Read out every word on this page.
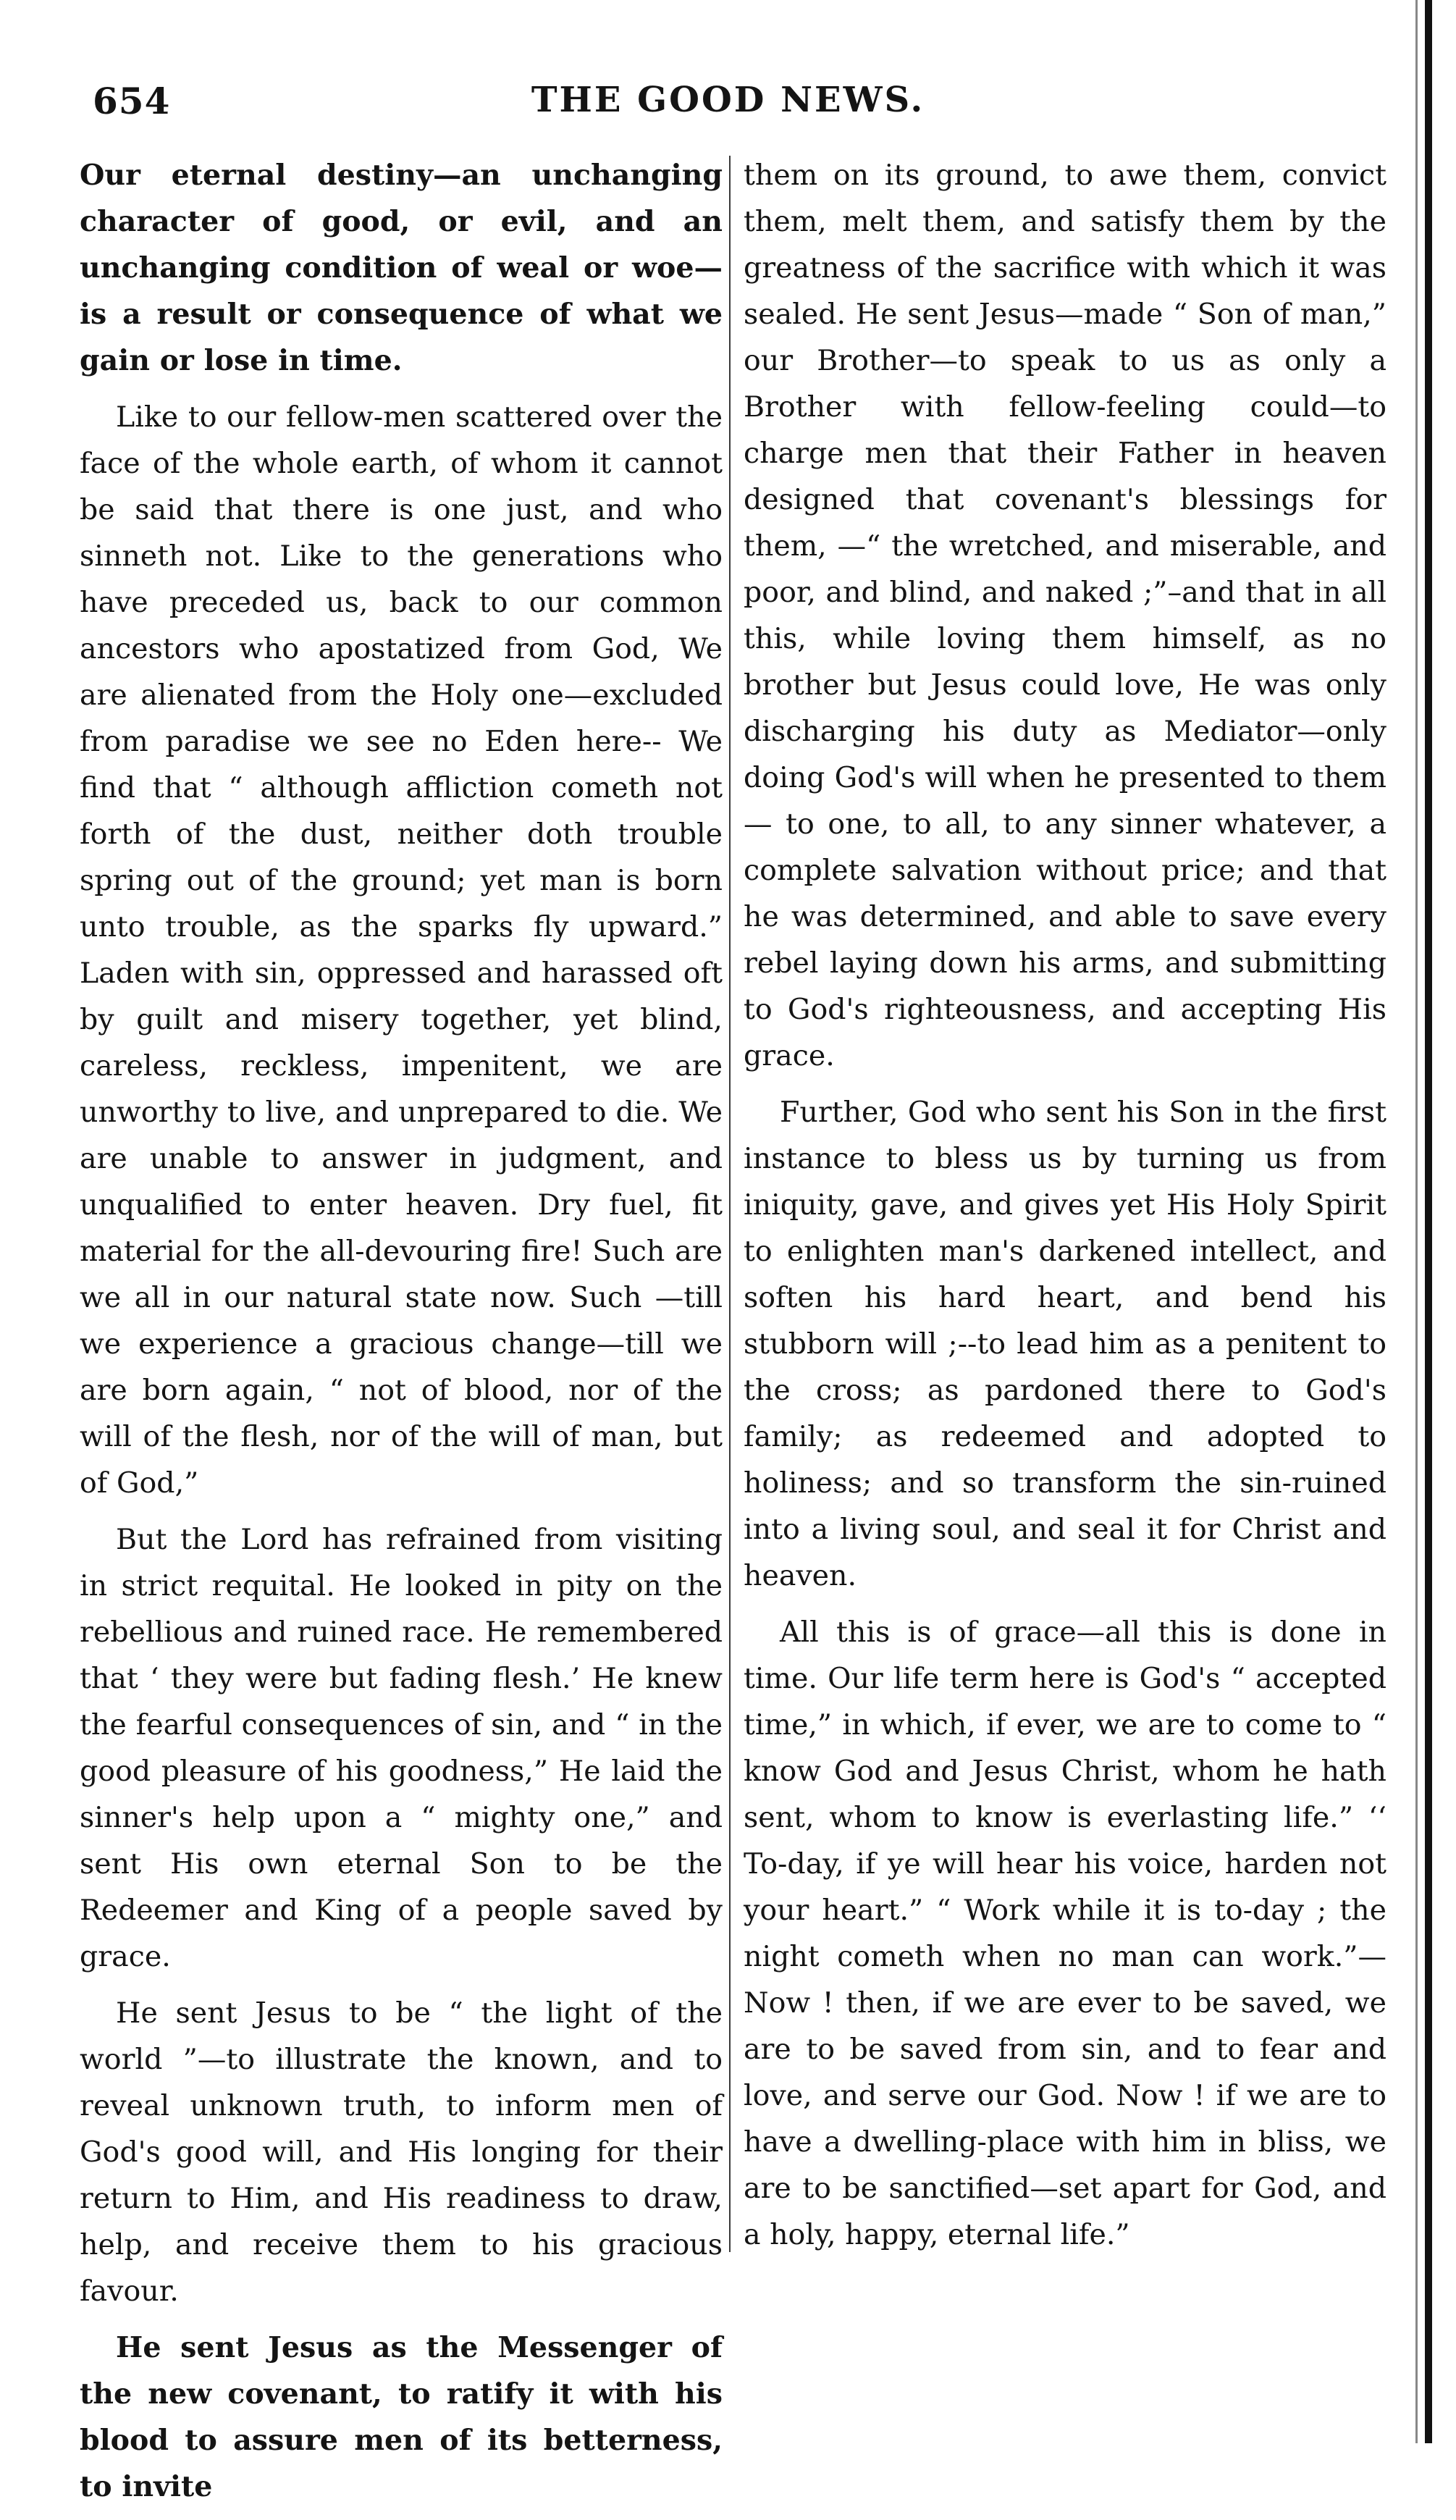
654	THE GOOD NEWS.

Our eternal destiny—an unchanging character of good, or evil, and an unchanging condition of weal or woe—is a result or consequence of what we gain or lose in time.

Like to our fellow-men scattered over the face of the whole earth, of whom it cannot be said that there is one just, and who sinneth not. Like to the generations who have preceded us, back to our common ancestors who apostatized from God, We are alienated from the Holy one—excluded from paradise we see no Eden here-- We find that “ although affliction cometh not forth of the dust, neither doth trouble spring out of the ground; yet man is born unto trouble, as the sparks fly upward.” Laden with sin, oppressed and harassed oft by guilt and misery together, yet blind, careless, reckless, impenitent, we are unworthy to live, and unprepared to die. We are unable to answer in judgment, and unqualified to enter heaven. Dry fuel, fit material for the all-devouring fire! Such are we all in our natural state now. Such —till we experience a gracious change—till we are born again, “ not of blood, nor of the will of the flesh, nor of the will of man, but of God,”

But the Lord has refrained from visiting in strict requital. He looked in pity on the rebellious and ruined race. He remembered that ‘ they were but fading flesh.’ He knew the fearful consequences of sin, and “ in the good pleasure of his goodness,” He laid the sinner's help upon a “ mighty one,” and sent His own eternal Son to be the Redeemer and King of a people saved by grace.

He sent Jesus to be “ the light of the world ”—to illustrate the known, and to reveal unknown truth, to inform men of God's good will, and His longing for their return to Him, and His readiness to draw, help, and receive them to his gracious favour.

He sent Jesus as the Messenger of the new covenant, to ratify it with his blood to assure men of its betterness, to invite

them on its ground, to awe them, convict them, melt them, and satisfy them by the greatness of the sacrifice with which it was sealed. He sent Jesus—made “ Son of man,” our Brother—to speak to us as only a Brother with fellow-feeling could—to charge men that their Father in heaven designed that covenant's blessings for them, —“ the wretched, and miserable, and poor, and blind, and naked ;”–and that in all this, while loving them himself, as no brother but Jesus could love, He was only discharging his duty as Mediator—only doing God's will when he presented to them— to one, to all, to any sinner whatever, a complete salvation without price; and that he was determined, and able to save every rebel laying down his arms, and submitting to God's righteousness, and accepting His grace.

Further, God who sent his Son in the first instance to bless us by turning us from iniquity, gave, and gives yet His Holy Spirit to enlighten man's darkened intellect, and soften his hard heart, and bend his stubborn will ;--to lead him as a penitent to the cross; as pardoned there to God's family; as redeemed and adopted to holiness; and so transform the sin-ruined into a living soul, and seal it for Christ and heaven.

All this is of grace—all this is done in time. Our life term here is God's “ accepted time,” in which, if ever, we are to come to “ know God and Jesus Christ, whom he hath sent, whom to know is everlasting life.” ‘‘ To-day, if ye will hear his voice, harden not your heart.” “ Work while it is to-day ; the night cometh when no man can work.”—Now ! then, if we are ever to be saved, we are to be saved from sin, and to fear and love, and serve our God. Now ! if we are to have a dwelling-place with him in bliss, we are to be sanctified—set apart for God, and a holy, happy, eternal life.”
